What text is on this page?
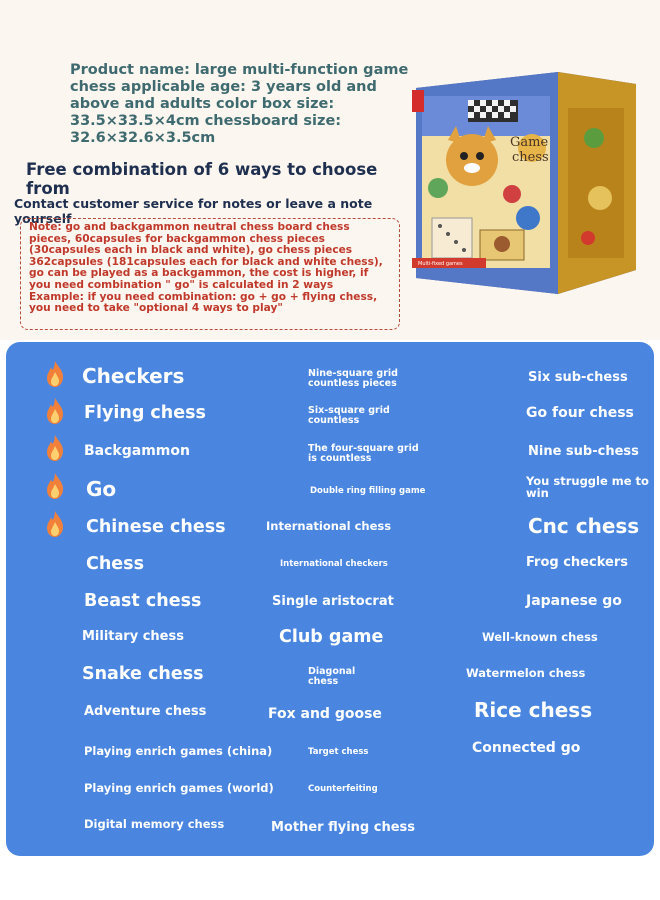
Product name: large multi-function game chess applicable age: 3 years old and above and adults color box size: 33.5×33.5×4cm chessboard size: 32.6×32.6×3.5cm

Free combination of 6 ways to choose from

Contact customer service for notes or leave a note yourself

Note: go and backgammon neutral chess board chess pieces, 60capsules for backgammon chess pieces (30capsules each in black and white), go chess pieces 362capsules (181capsules each for black and white chess), go can be played as a backgammon, the cost is higher, if you need combination " go" is calculated in 2 ways Example: if you need combination: go + go + flying chess, you need to take "optional 4 ways to play"

Game
chess
Multi-fixed games
Checkers
Flying chess
Backgammon
Go
Chinese chess
Chess
Beast chess
Military chess
Snake chess
Adventure chess
Playing enrich games (china)
Playing enrich games (world)
Digital memory chess
Nine-square grid countless pieces
Six-square grid countless
The four-square grid is countless
Double ring filling game
International chess
International checkers
Single aristocrat
Club game
Diagonal chess
Fox and goose
Target chess
Counterfeiting
Mother flying chess
Six sub-chess
Go four chess
Nine sub-chess
You struggle me to win
Cnc chess
Frog checkers
Japanese go
Well-known chess
Watermelon chess
Rice chess
Connected go
